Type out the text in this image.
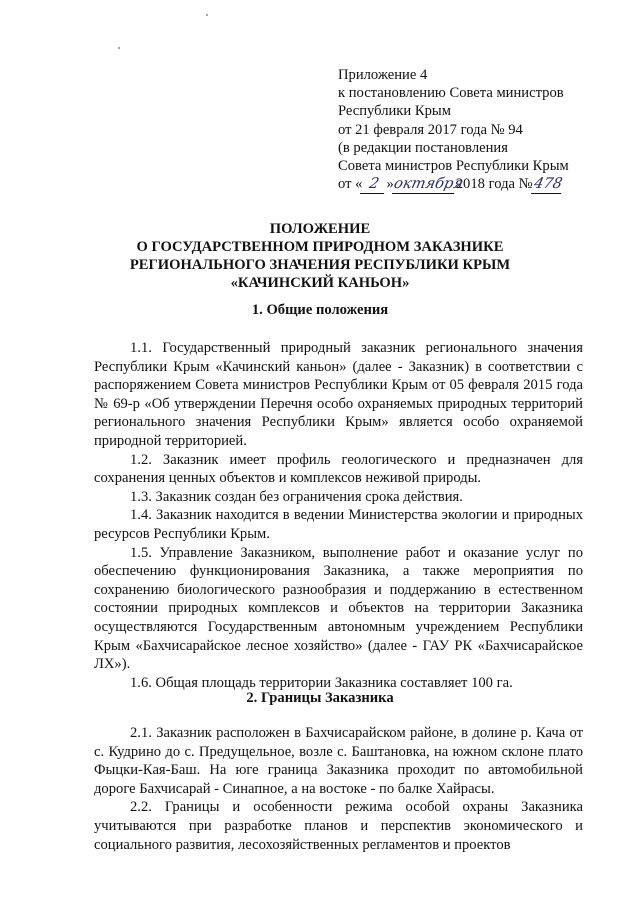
Приложение 4
к постановлению Совета министров
Республики Крым
от 21 февраля 2017 года № 94
(в редакции постановления
Совета министров Республики Крым
от « 2 »октября2018 года №478
ПОЛОЖЕНИЕ
О ГОСУДАРСТВЕННОМ ПРИРОДНОМ ЗАКАЗНИКЕ
РЕГИОНАЛЬНОГО ЗНАЧЕНИЯ РЕСПУБЛИКИ КРЫМ
«КАЧИНСКИЙ КАНЬОН»
1. Общие положения

1.1. Государственный природный заказник регионального значения Республики Крым «Качинский каньон» (далее - Заказник) в соответствии с распоряжением Совета министров Республики Крым от 05 февраля 2015 года № 69-р «Об утверждении Перечня особо охраняемых природных территорий регионального значения Республики Крым» является особо охраняемой природной территорией.

1.2. Заказник имеет профиль геологического и предназначен для сохранения ценных объектов и комплексов неживой природы.

1.3. Заказник создан без ограничения срока действия.

1.4. Заказник находится в ведении Министерства экологии и природных ресурсов Республики Крым.

1.5. Управление Заказником, выполнение работ и оказание услуг по обеспечению функционирования Заказника, а также мероприятия по сохранению биологического разнообразия и поддержанию в естественном состоянии природных комплексов и объектов на территории Заказника осуществляются Государственным автономным учреждением Республики Крым «Бахчисарайское лесное хозяйство» (далее - ГАУ РК «Бахчисарайское ЛХ»).

1.6. Общая площадь территории Заказника составляет 100 га.

2. Границы Заказника

2.1. Заказник расположен в Бахчисарайском районе, в долине р. Кача от с. Кудрино до с. Предущельное, возле с. Баштановка, на южном склоне плато Фыцки-Кая-Баш. На юге граница Заказника проходит по автомобильной дороге Бахчисарай - Синапное, а на востоке - по балке Хайрасы.

2.2. Границы и особенности режима особой охраны Заказника учитываются при разработке планов и перспектив экономического и социального развития, лесохозяйственных регламентов и проектов
